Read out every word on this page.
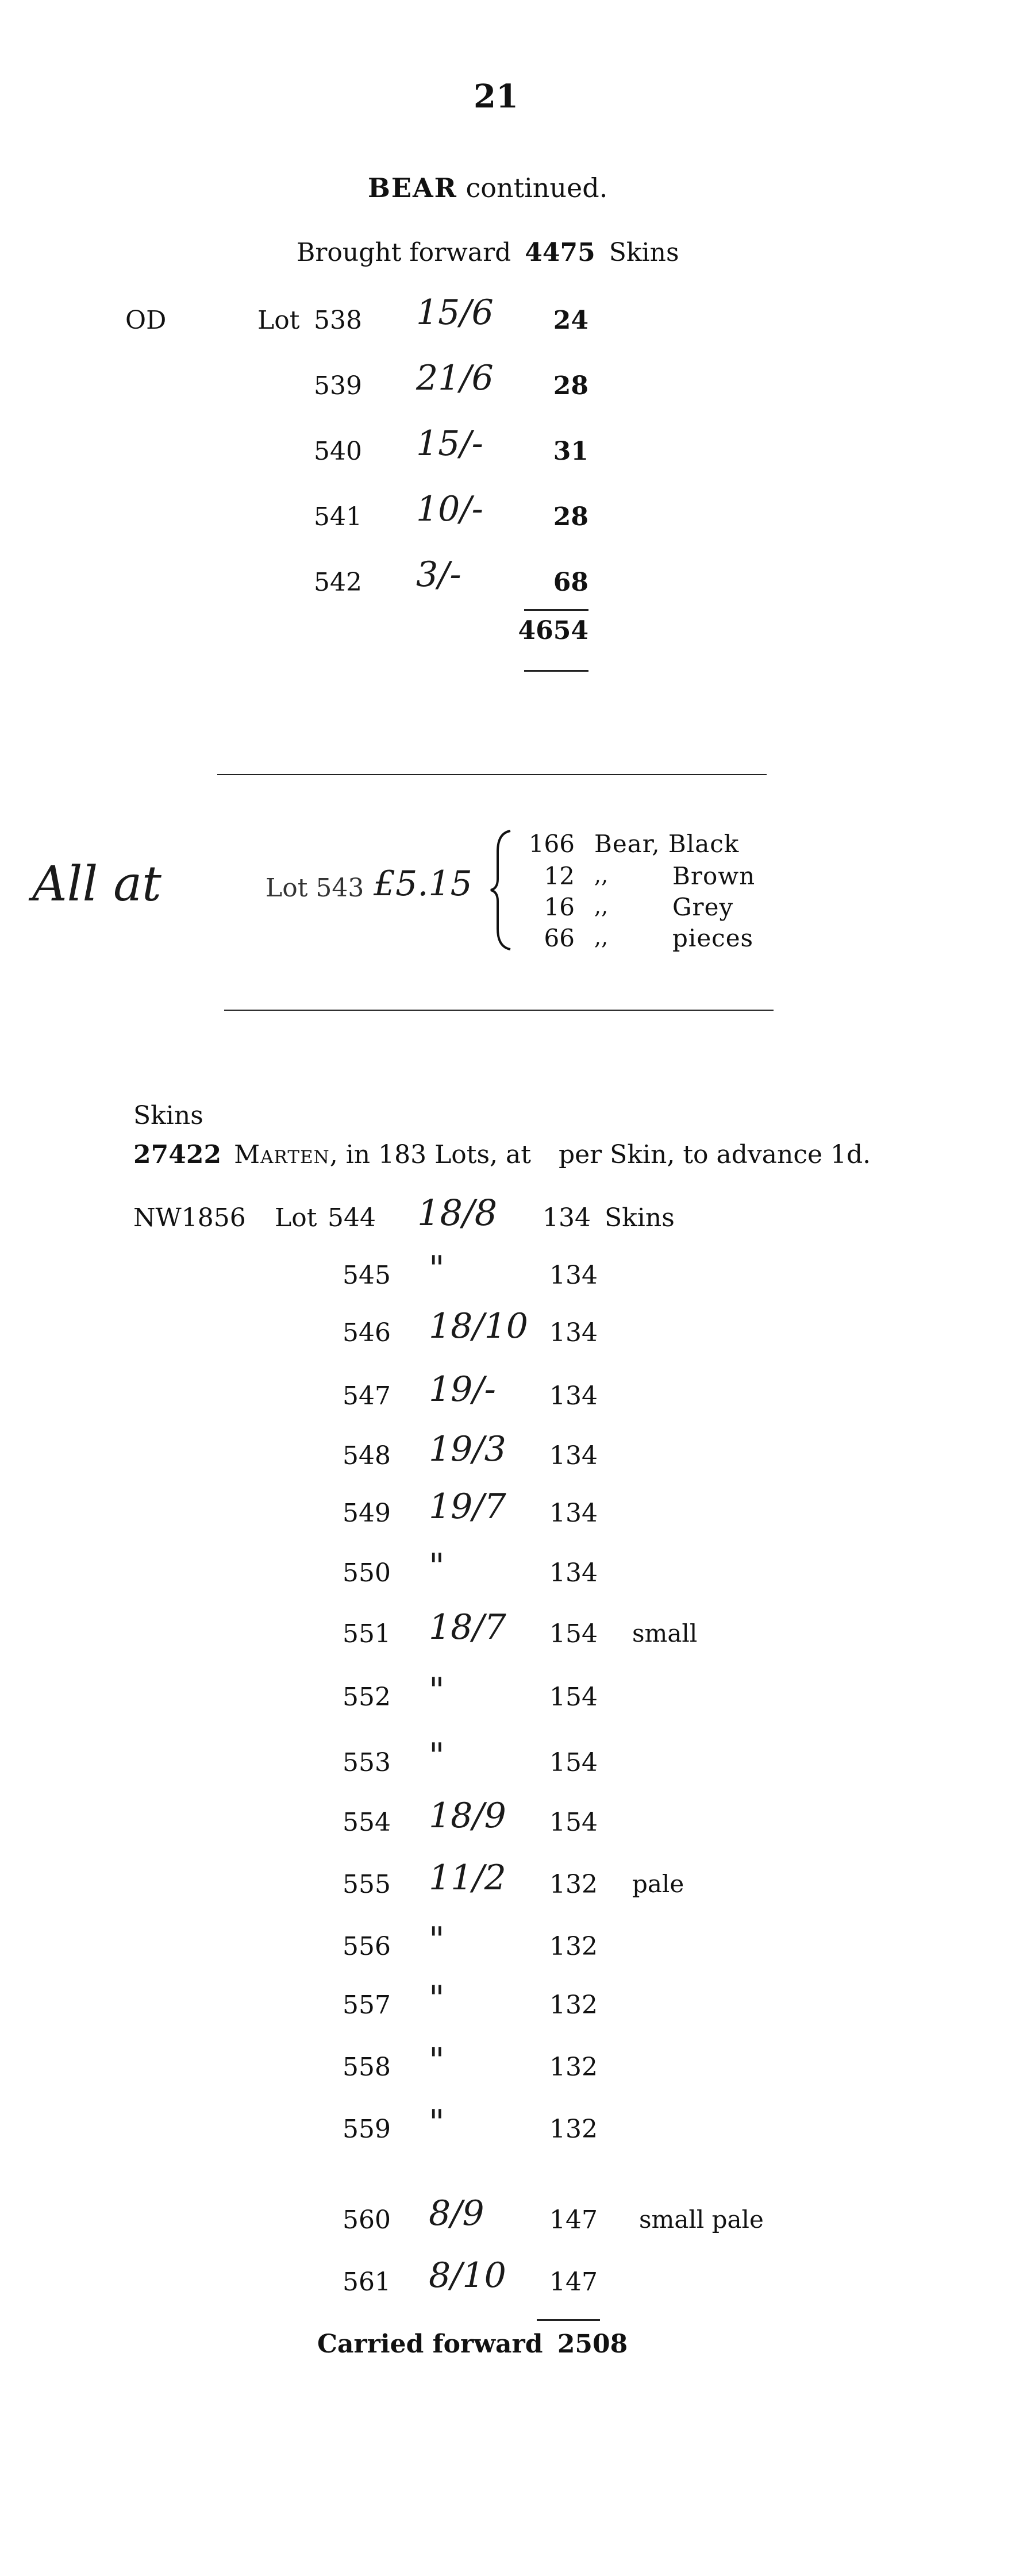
21
BEAR continued.
Brought forward 4475 Skins
OD	Lot 538 15/6	24
539 21/6	28
540 15/-	31
541 10/-	28
542 3/-	68
4654
All at	Lot 543 £5.15
166 Bear, Black
12 ,,	Brown
16 ,,	Grey
66 ,,	pieces
Skins
27422 Marten, in 183 Lots, at per Skin, to advance 1d.
NW1856 Lot 544 18/8 134 Skins
545 "	134
546 18/10 134
547 19/-	134
548 19/3	134
549 19/7	134
550 "	134
551 18/7	154 small
552 "	154
553 "	154
554 18/9	154
555 11/2	132 pale
556 "	132
557 "	132
558 "	132
559 "	132
560 8/9	147 small pale
561 8/10	147
Carried forward 2508
